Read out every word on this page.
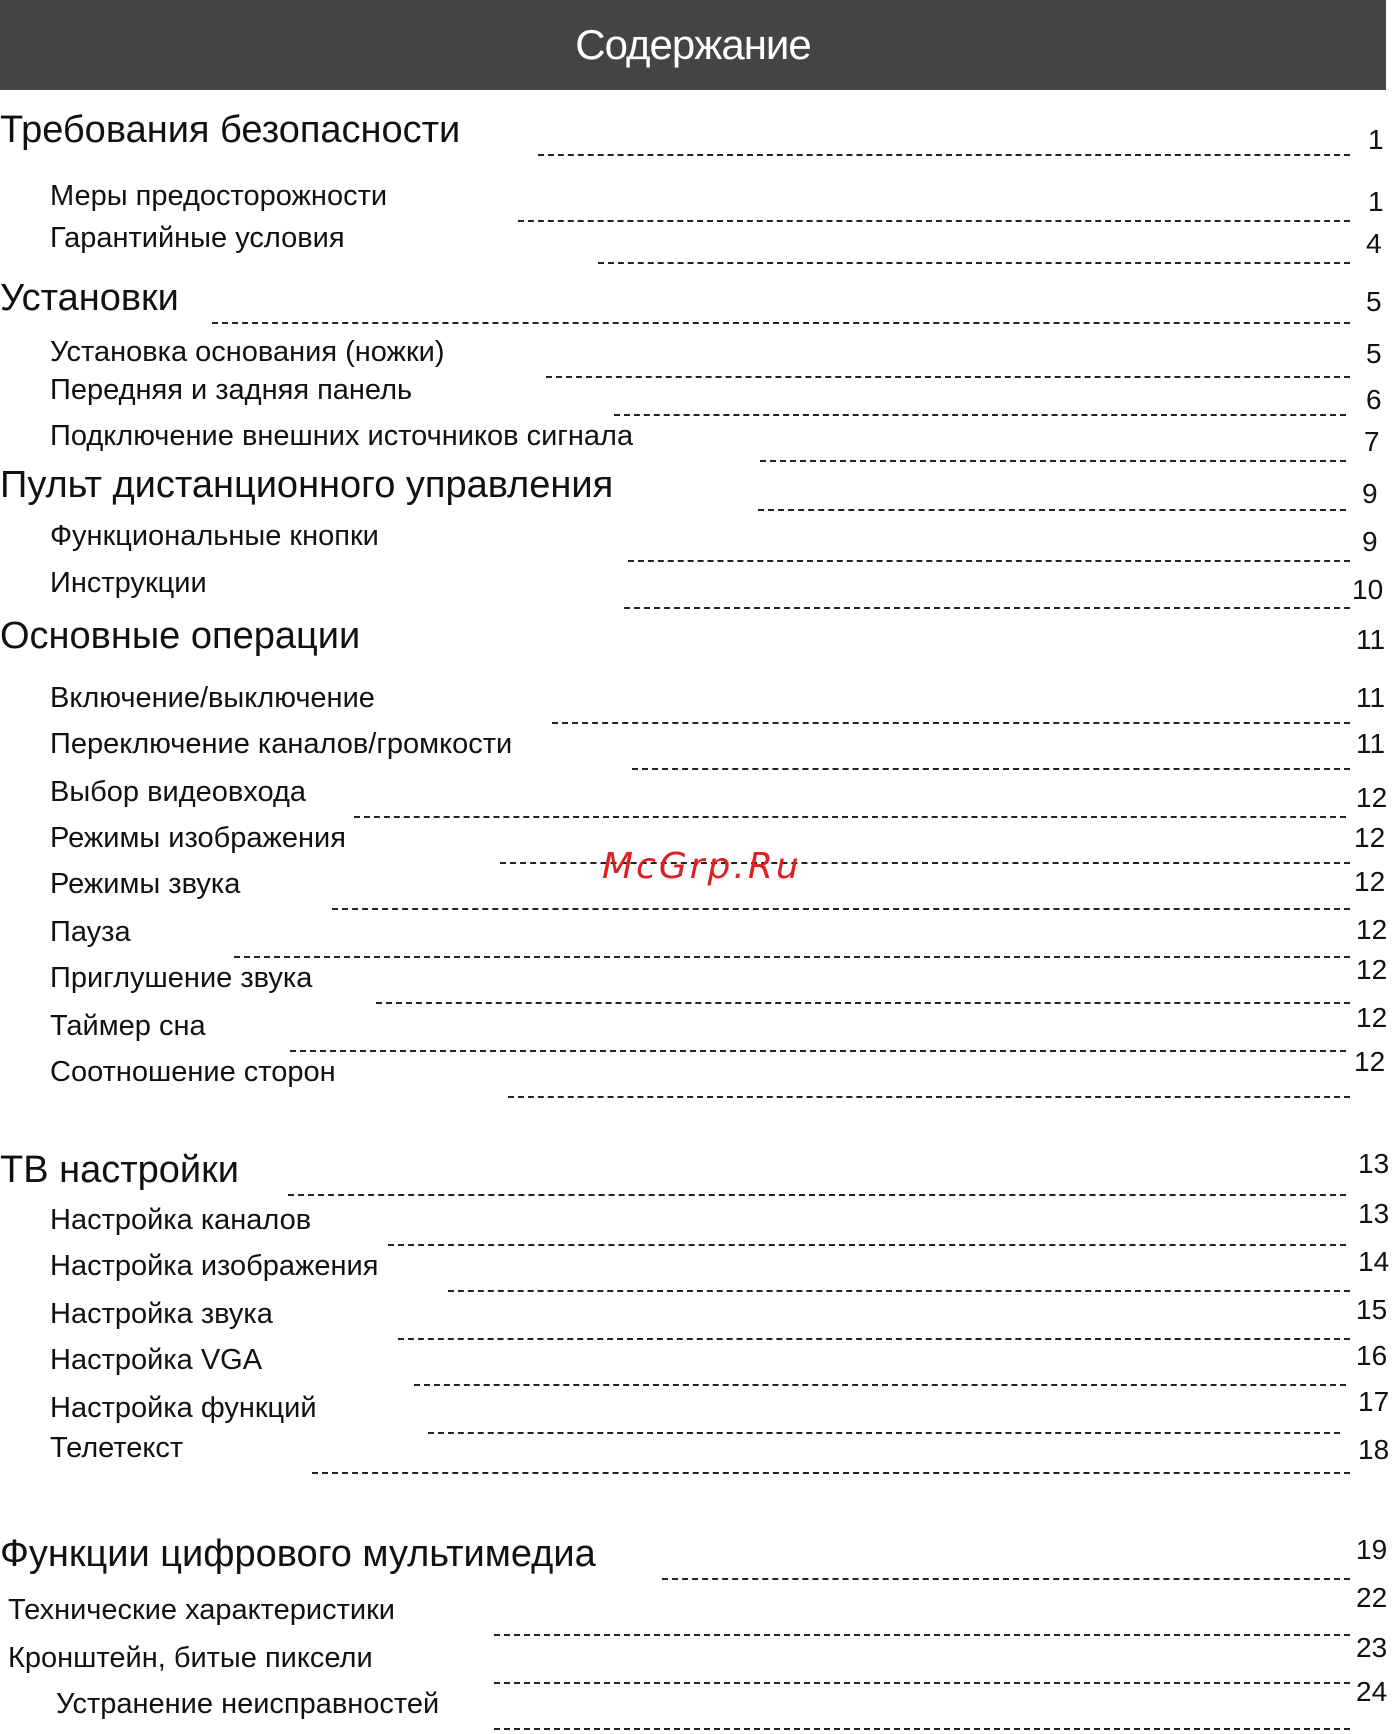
Содержание
Требования безопасности	1
Меры предосторожности	1
Гарантийные условия	4
Установки	5
Установка основания (ножки)	5
Передняя и задняя панель	6
Подключение внешних источников сигнала	7
Пульт дистанционного управления	9
Функциональные кнопки	9
Инструкции	10
Основные операции	11
Включение/выключение	11
Переключение каналов/громкости	11
Выбор видеовхода	12
Режимы изображения	12
Режимы звука	12
Пауза	12
Приглушение звука	12
Таймер сна	12
Соотношение сторон	12
ТВ настройки	13
Настройка каналов	13
Настройка изображения	14
Настройка звука	15
Настройка VGA	16
Настройка функций	17
Телетекст	18
Функции цифрового мультимедиа	19
Технические характеристики	22
Кронштейн, битые пиксели	23
Устранение неисправностей	24
McGrp.Ru
